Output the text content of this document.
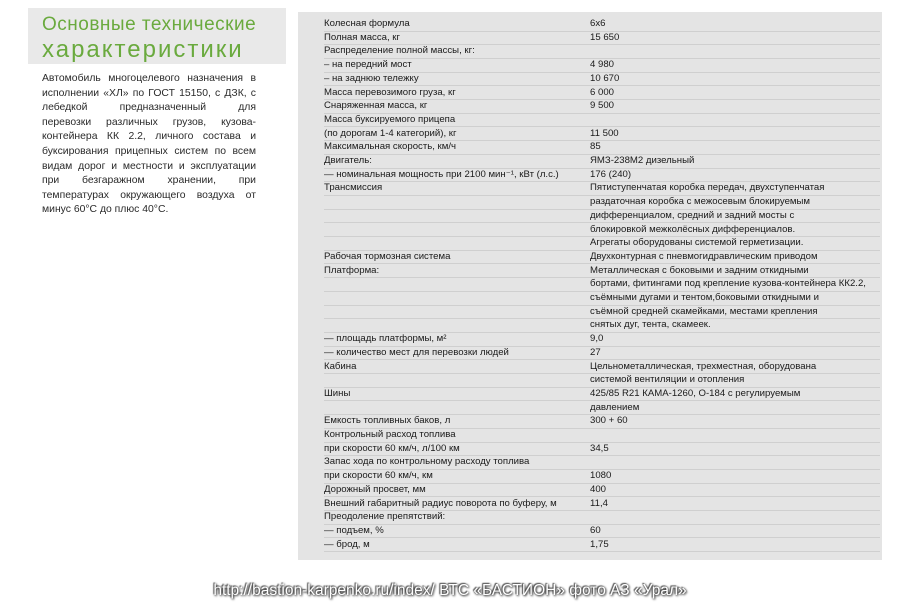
Основные технические
характеристики
Автомобиль многоцелевого назначения в
исполнении «ХЛ» по ГОСТ 15150, с ДЗК, с
лебедкой предназначенный для
перевозки различных грузов, кузова-
контейнера КК 2.2, личного состава и
буксирования прицепных систем по всем
видам дорог и местности и эксплуатации
при безгаражном хранении, при
температурах окружающего воздуха от
минус 60°С до плюс 40°С.
Колесная формула	6x6
Полная масса, кг	15 650
Распределение полной массы, кг:
– на передний мост	4 980
– на заднюю тележку	10 670
Масса перевозимого груза, кг	6 000
Снаряженная масса, кг	9 500
Масса буксируемого прицепа
(по дорогам 1-4 категорий), кг	11 500
Максимальная скорость, км/ч	85
Двигатель:	ЯМЗ-238М2 дизельный
— номинальная мощность при 2100 мин⁻¹, кВт (л.с.)	176 (240)
Трансмиссия	Пятиступенчатая коробка передач, двухступенчатая
раздаточная коробка с межосевым блокируемым
дифференциалом, средний и задний мосты с
блокировкой межколёсных дифференциалов.
Агрегаты оборудованы системой герметизации.
Рабочая тормозная система	Двухконтурная с пневмогидравлическим приводом
Платформа:	Металлическая с боковыми и задним откидными
бортами, фитингами под крепление кузова-контейнера КК2.2,
съёмными дугами и тентом,боковыми откидными и
съёмной средней скамейками, местами крепления
снятых дуг, тента, скамеек.
— площадь платформы, м²	9,0
— количество мест для перевозки людей	27
Кабина	Цельнометаллическая, трехместная, оборудована
системой вентиляции и отопления
Шины	425/85 R21 КАМА-1260, О-184 с регулируемым
давлением
Емкость топливных баков, л	300 + 60
Контрольный расход топлива
при скорости 60 км/ч, л/100 км	34,5
Запас хода по контрольному расходу топлива
при скорости 60 км/ч, км	1080
Дорожный просвет, мм	400
Внешний габаритный радиус поворота по буферу, м	11,4
Преодоление препятствий:
— подъем, %	60
— брод, м	1,75
http://bastion-karpenko.ru/index/ ВТС «БАСТИОН» фото АЗ «Урал»
